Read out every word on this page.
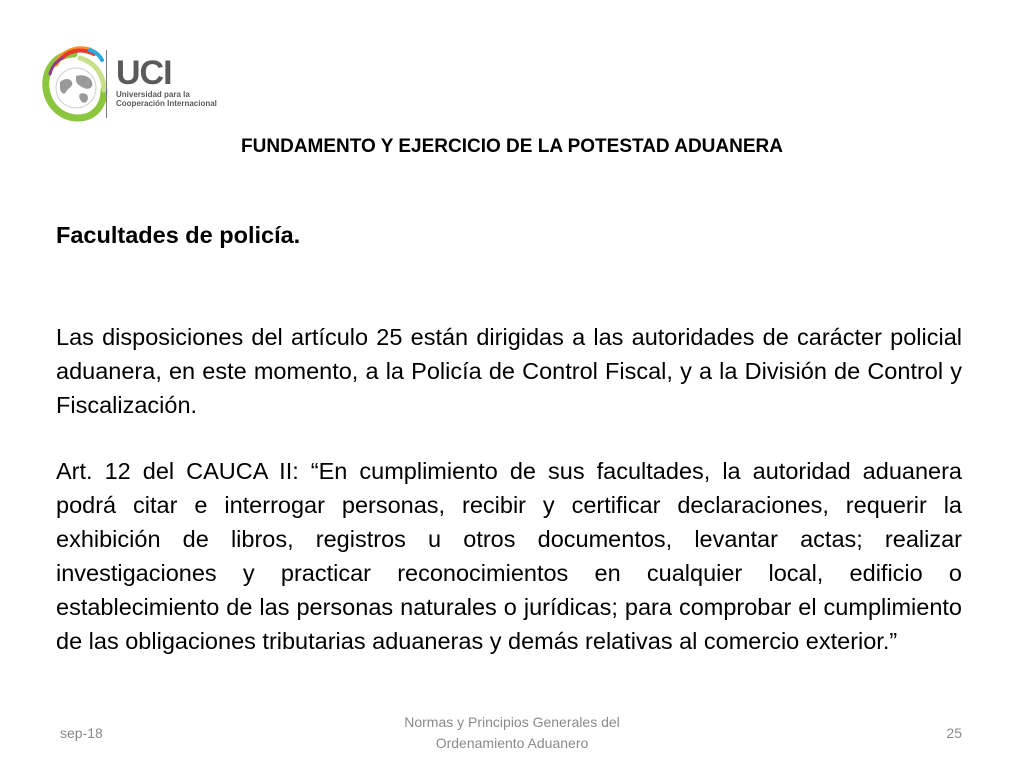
UCI
Universidad para la
Cooperación Internacional
FUNDAMENTO Y EJERCICIO DE LA POTESTAD ADUANERA

Facultades de policía.

Las disposiciones del artículo 25 están dirigidas a las autoridades de carácter policial aduanera, en este momento, a la Policía de Control Fiscal, y a la División de Control y Fiscalización.

Art. 12 del CAUCA II: “En cumplimiento de sus facultades, la autoridad aduanera podrá citar e interrogar personas, recibir y certificar declaraciones, requerir la exhibición de libros, registros u otros documentos, levantar actas; realizar investigaciones y practicar reconocimientos en cualquier local, edificio o establecimiento de las personas naturales o jurídicas; para comprobar el cumplimiento de las obligaciones tributarias aduaneras y demás relativas al comercio exterior.”

sep-18
Normas y Principios Generales del
Ordenamiento Aduanero
25
